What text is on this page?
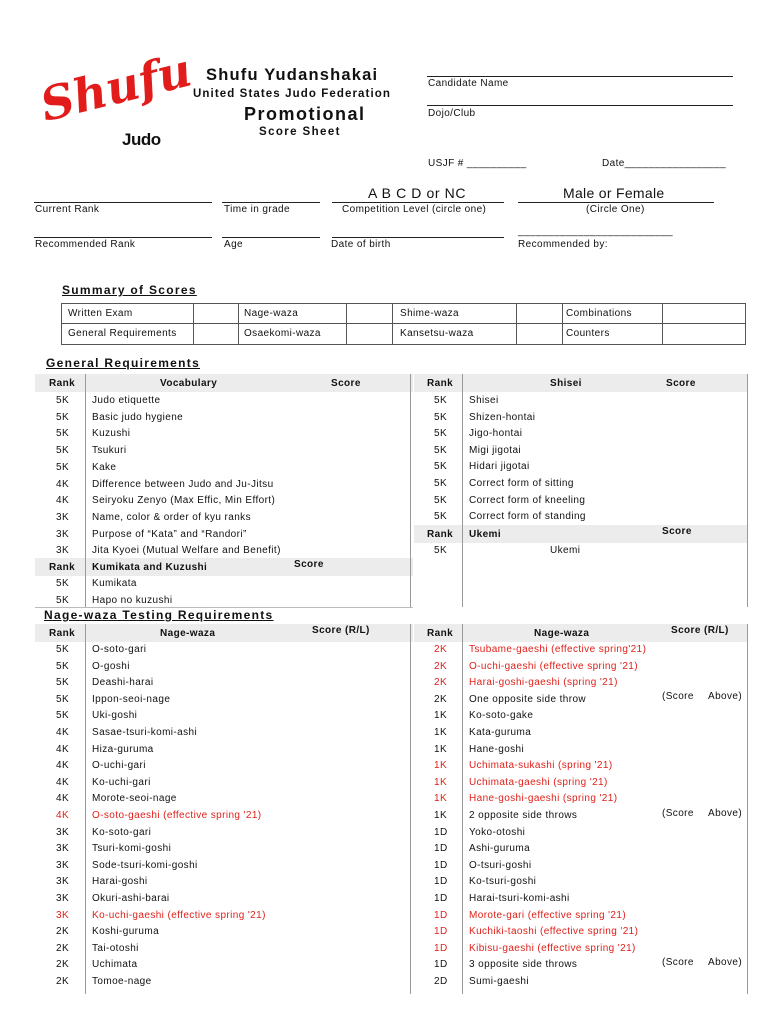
Shufu
Judo
Shufu Yudanshakai
United States Judo Federation
Promotional
Score Sheet
Candidate Name
Dojo/Club
USJF # __________	Date_________________
A B C D or NC	Male or Female
Current Rank	Time in grade	Competition Level (circle one)	(Circle One)
__________________________
Recommended Rank	Age	Date of birth	Recommended by:
Summary of Scores
Written Exam	Nage-waza	Shime-waza	Combinations
General Requirements	Osaekomi-waza	Kansetsu-waza	Counters
General Requirements
Rank	Vocabulary	Score
5K Judo etiquette
5K Basic judo hygiene
5K Kuzushi
5K Tsukuri
5K Kake
4K Difference between Judo and Ju-Jitsu
4K Seiryoku Zenyo (Max Effic, Min Effort)
3K Name, color & order of kyu ranks
3K Purpose of “Kata” and “Randori”
3K Jita Kyoei (Mutual Welfare and Benefit)
Rank Kumikata and Kuzushi	Score
5K Kumikata
5K Hapo no kuzushi
Rank	Shisei	Score
5K Shisei
5K Shizen-hontai
5K Jigo-hontai
5K Migi jigotai
5K Hidari jigotai
5K Correct form of sitting
5K Correct form of kneeling
5K Correct form of standing
Rank Ukemi	Score
5K	Ukemi
Nage-waza Testing Requirements
Rank	Nage-waza	Score (R/L)	Rank	Nage-waza	Score (R/L)
5K O-soto-gari
5K O-goshi
5K Deashi-harai
5K Ippon-seoi-nage
5K Uki-goshi
4K Sasae-tsuri-komi-ashi
4K Hiza-guruma
4K O-uchi-gari
4K Ko-uchi-gari
4K Morote-seoi-nage
4K O-soto-gaeshi (effective spring '21)
3K Ko-soto-gari
3K Tsuri-komi-goshi
3K Sode-tsuri-komi-goshi
3K Harai-goshi
3K Okuri-ashi-barai
3K Ko-uchi-gaeshi (effective spring '21)
2K Koshi-guruma
2K Tai-otoshi
2K Uchimata
2K Tomoe-nage
2K Tsubame-gaeshi (effective spring'21)
2K O-uchi-gaeshi (effective spring '21)
2K Harai-goshi-gaeshi (spring '21)
2K One opposite side throw
1K Ko-soto-gake
1K Kata-guruma
1K Hane-goshi
1K Uchimata-sukashi (spring '21)
1K Uchimata-gaeshi (spring '21)
1K Hane-goshi-gaeshi (spring '21)
1K 2 opposite side throws
1D Yoko-otoshi
1D Ashi-guruma
1D O-tsuri-goshi
1D Ko-tsuri-goshi
1D Harai-tsuri-komi-ashi
1D Morote-gari (effective spring '21)
1D Kuchiki-taoshi (effective spring '21)
1D Kibisu-gaeshi (effective spring '21)
1D 3 opposite side throws
2D Sumi-gaeshi
(Score Above)
(Score Above)
(Score Above)
